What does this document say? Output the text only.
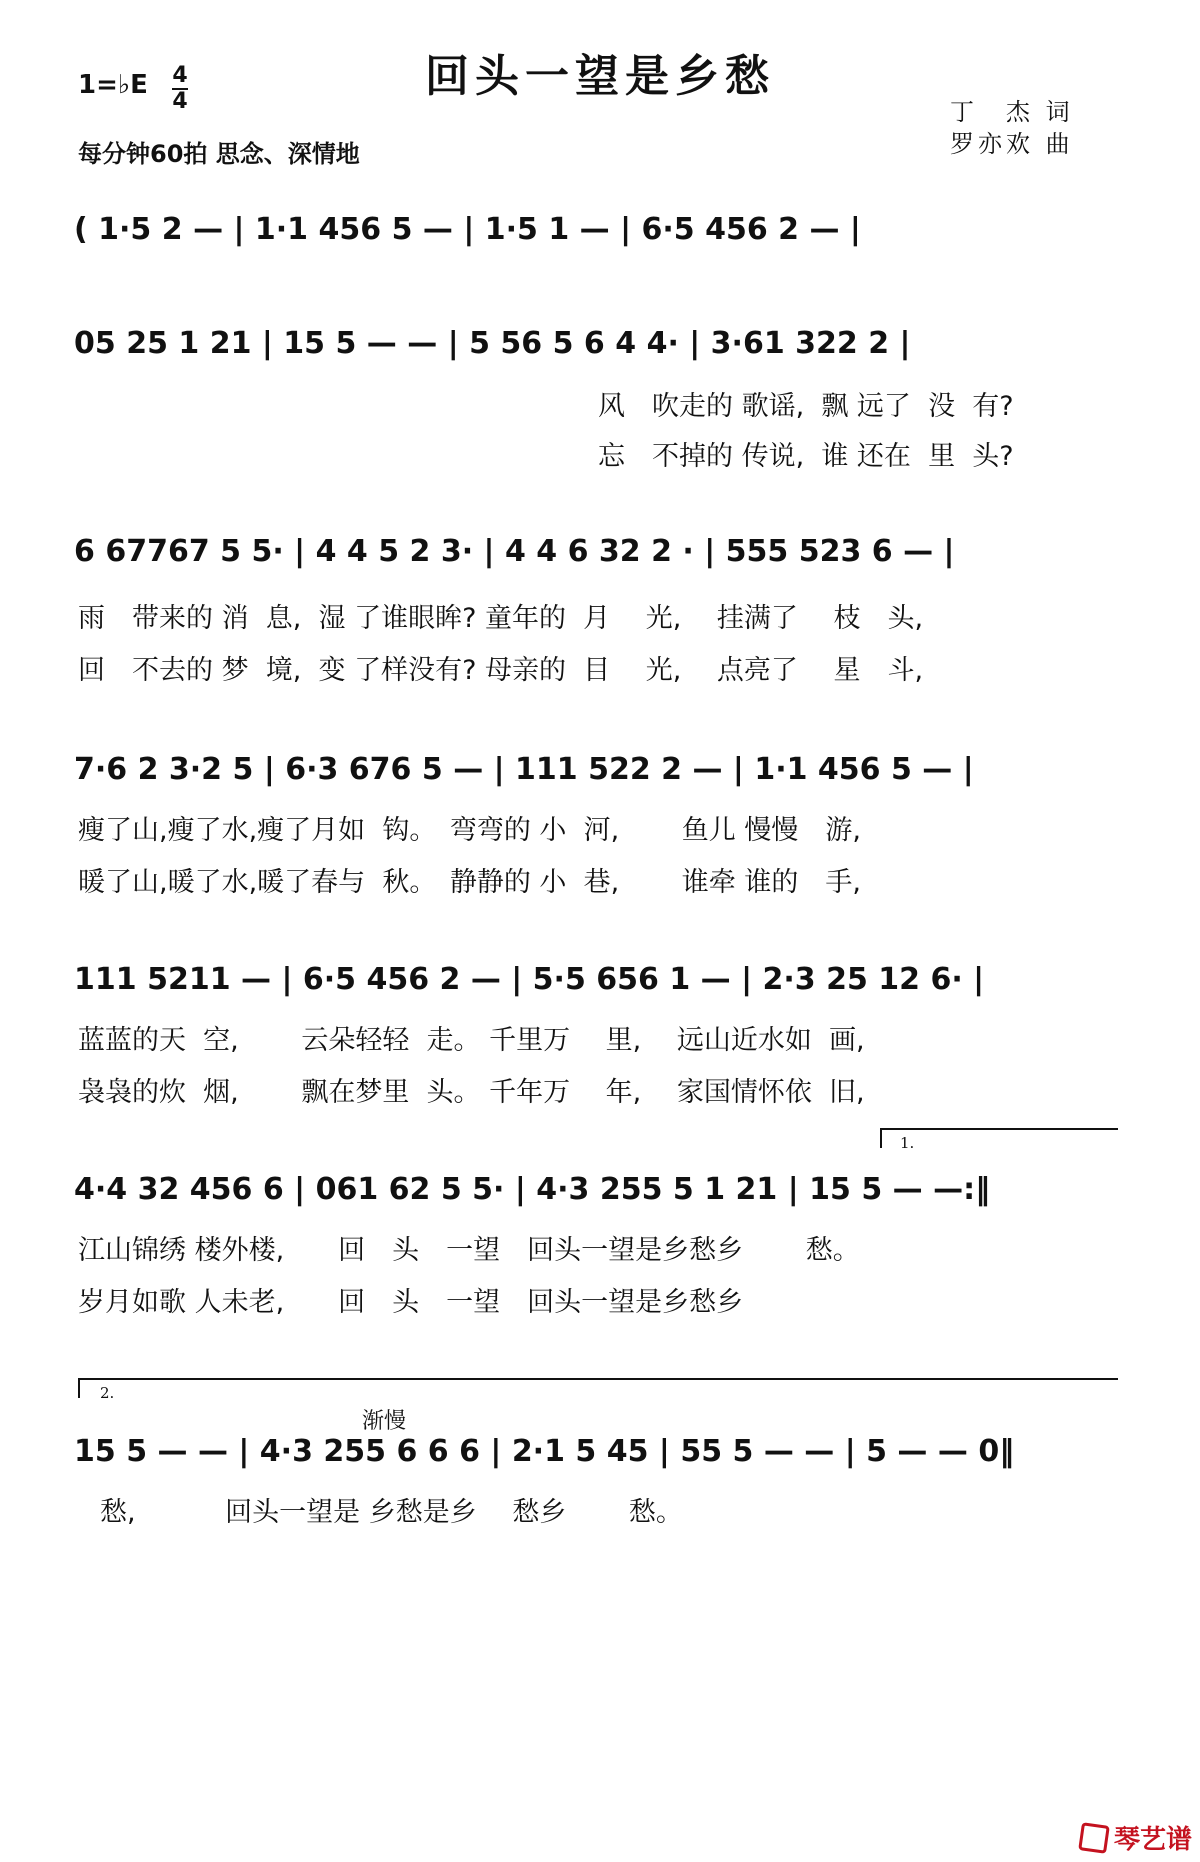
回头一望是乡愁
1=♭E 4
4
每分钟60拍 思念、深情地
丁　杰 词
罗亦欢 曲
( 1·5 2 — | 1·1 456 5 — | 1·5 1 — | 6·5 456 2 — |
05 25 1 21 | 15 5 — — | 5 56 5 6 4 4· | 3·61 322 2 |
风　吹走的 歌谣,  飘 远了  没  有?
忘　不掉的 传说,  谁 还在  里  头?
6 67767 5 5· | 4 4 5 2 3· | 4 4 6 32 2 · | 555 523 6 — |
雨　带来的 消  息,  湿 了谁眼眸? 童年的  月　 光,　 挂满了　 枝　头,
回　不去的 梦  境,  变 了样没有? 母亲的  目　 光,　 点亮了　 星　斗,
7·6 2 3·2 5 | 6·3 676 5 — | 111 522 2 — | 1·1 456 5 — |
瘦了山,瘦了水,瘦了月如  钩。　弯弯的 小  河,　　 鱼儿 慢慢　游,
暖了山,暖了水,暖了春与  秋。　静静的 小  巷,　　 谁牵 谁的　手,
111 5211 — | 6·5 456 2 — | 5·5 656 1 — | 2·3 25 12 6· |
蓝蓝的天  空,　　 云朵轻轻  走。 千里万　 里,　 远山近水如  画,
袅袅的炊  烟,　　 飘在梦里  头。 千年万　 年,　 家国情怀依  旧,
1.
4·4 32 456 6 | 061 62 5 5· | 4·3 255 5 1 21 | 15 5 — —:‖
江山锦绣 楼外楼,　　回　头　一望　回头一望是乡愁乡　　 愁。
岁月如歌 人未老,　　回　头　一望　回头一望是乡愁乡
2.
渐慢
15 5 — — | 4·3 255 6 6 6 | 2·1 5 45 | 55 5 — — | 5 — — 0‖
愁,　　　 回头一望是 乡愁是乡　 愁乡　　 愁。
琴艺谱
